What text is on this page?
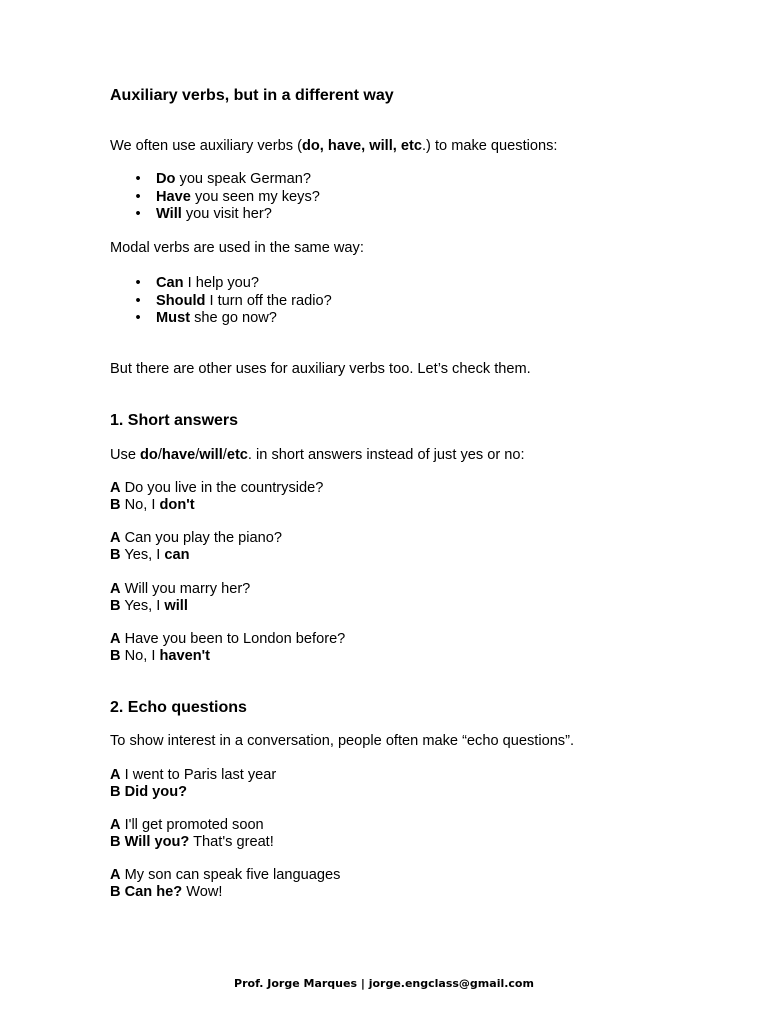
Auxiliary verbs, but in a different way

We often use auxiliary verbs (do, have, will, etc.) to make questions:

• Do you speak German?
• Have you seen my keys?
• Will you visit her?

Modal verbs are used in the same way:

• Can I help you?
• Should I turn off the radio?
• Must she go now?

But there are other uses for auxiliary verbs too. Let’s check them.

1. Short answers

Use do/have/will/etc. in short answers instead of just yes or no:

A Do you live in the countryside?

B No, I don't

A Can you play the piano?

B Yes, I can

A Will you marry her?

B Yes, I will

A Have you been to London before?

B No, I haven't

2. Echo questions

To show interest in a conversation, people often make “echo questions”.

A I went to Paris last year

B Did you?

A I'll get promoted soon

B Will you? That's great!

A My son can speak five languages

B Can he? Wow!

Prof. Jorge Marques | jorge.engclass@gmail.com
